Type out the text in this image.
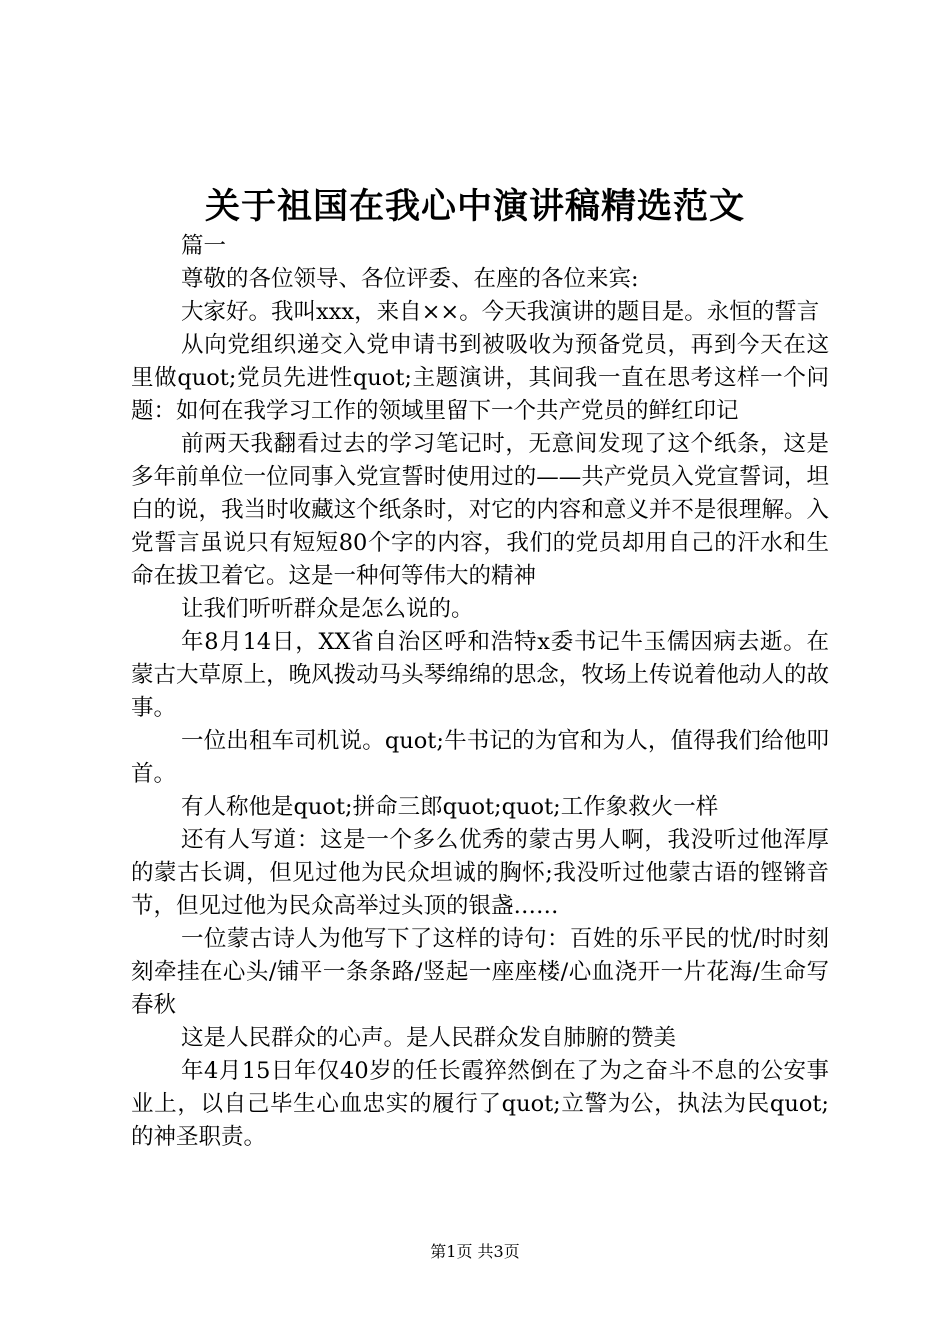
关于祖国在我心中演讲稿精选范文

篇一

尊敬的各位领导、各位评委、在座的各位来宾:

大家好。我叫xxx，来自××。今天我演讲的题目是。永恒的誓言

从向党组织递交入党申请书到被吸收为预备党员，再到今天在这里做quot;党员先进性quot;主题演讲，其间我一直在思考这样一个问题：如何在我学习工作的领域里留下一个共产党员的鲜红印记

前两天我翻看过去的学习笔记时，无意间发现了这个纸条，这是多年前单位一位同事入党宣誓时使用过的——共产党员入党宣誓词，坦白的说，我当时收藏这个纸条时，对它的内容和意义并不是很理解。入党誓言虽说只有短短80个字的内容，我们的党员却用自己的汗水和生命在拔卫着它。这是一种何等伟大的精神

让我们听听群众是怎么说的。

年8月14日，XX省自治区呼和浩特x委书记牛玉儒因病去逝。在蒙古大草原上，晚风拨动马头琴绵绵的思念，牧场上传说着他动人的故事。

一位出租车司机说。quot;牛书记的为官和为人，值得我们给他叩首。

有人称他是quot;拼命三郎quot;quot;工作象救火一样

还有人写道：这是一个多么优秀的蒙古男人啊，我没听过他浑厚的蒙古长调，但见过他为民众坦诚的胸怀;我没听过他蒙古语的铿锵音节，但见过他为民众高举过头顶的银盏……

一位蒙古诗人为他写下了这样的诗句：百姓的乐平民的忧/时时刻刻牵挂在心头/铺平一条条路/竖起一座座楼/心血浇开一片花海/生命写春秋

这是人民群众的心声。是人民群众发自肺腑的赞美

年4月15日年仅40岁的任长霞猝然倒在了为之奋斗不息的公安事业上，以自己毕生心血忠实的履行了quot;立警为公，执法为民quot;的神圣职责。

第1页 共3页
